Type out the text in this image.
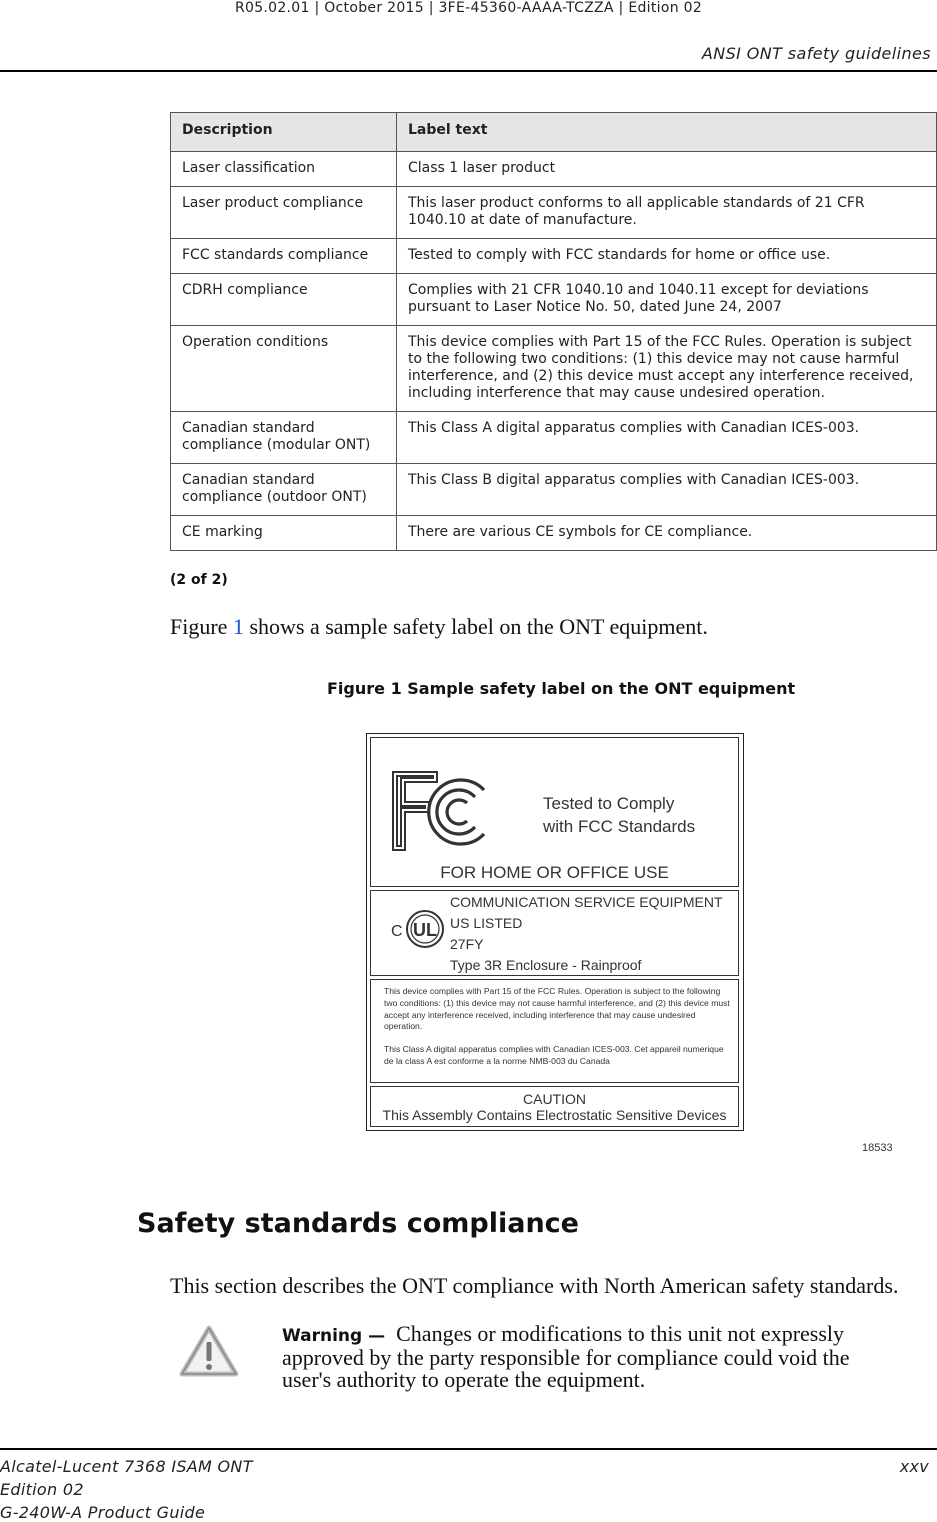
R05.02.01 | October 2015 | 3FE-45360-AAAA-TCZZA | Edition 02
ANSI ONT safety guidelines
Description	Label text
Laser classification	Class 1 laser product
Laser product compliance	This laser product conforms to all applicable standards of 21 CFR 1040.10 at date of manufacture.
FCC standards compliance	Tested to comply with FCC standards for home or office use.
CDRH compliance	Complies with 21 CFR 1040.10 and 1040.11 except for deviations pursuant to Laser Notice No. 50, dated June 24, 2007
Operation conditions	This device complies with Part 15 of the FCC Rules. Operation is subject to the following two conditions: (1) this device may not cause harmful interference, and (2) this device must accept any interference received, including interference that may cause undesired operation.
Canadian standard compliance (modular ONT)	This Class A digital apparatus complies with Canadian ICES-003.
Canadian standard compliance (outdoor ONT)	This Class B digital apparatus complies with Canadian ICES-003.
CE marking	There are various CE symbols for CE compliance.
(2 of 2)
Figure 1 shows a sample safety label on the ONT equipment.
Figure 1 Sample safety label on the ONT equipment
Tested to Comply
with FCC Standards
FOR HOME OR OFFICE USE
C UL
COMMUNICATION SERVICE EQUIPMENT
US LISTED
27FY
Type 3R Enclosure - Rainproof

This device complies with Part 15 of the FCC Rules. Operation is subject to the following two conditions: (1) this device may not cause harmful interference, and (2) this device must accept any interference received, including interference that may cause undesired operation.

This Class A digital apparatus complies with Canadian ICES-003. Cet appareil numerique de la class A est conforme a la norme NMB-003 du Canada

CAUTION
This Assembly Contains Electrostatic Sensitive Devices
18533
Safety standards compliance
This section describes the ONT compliance with North American safety standards.
Warning — Changes or modifications to this unit not expressly approved by the party responsible for compliance could void the user's authority to operate the equipment.
Alcatel-Lucent 7368 ISAM ONT
Edition 02
G-240W-A Product Guide
xxv
